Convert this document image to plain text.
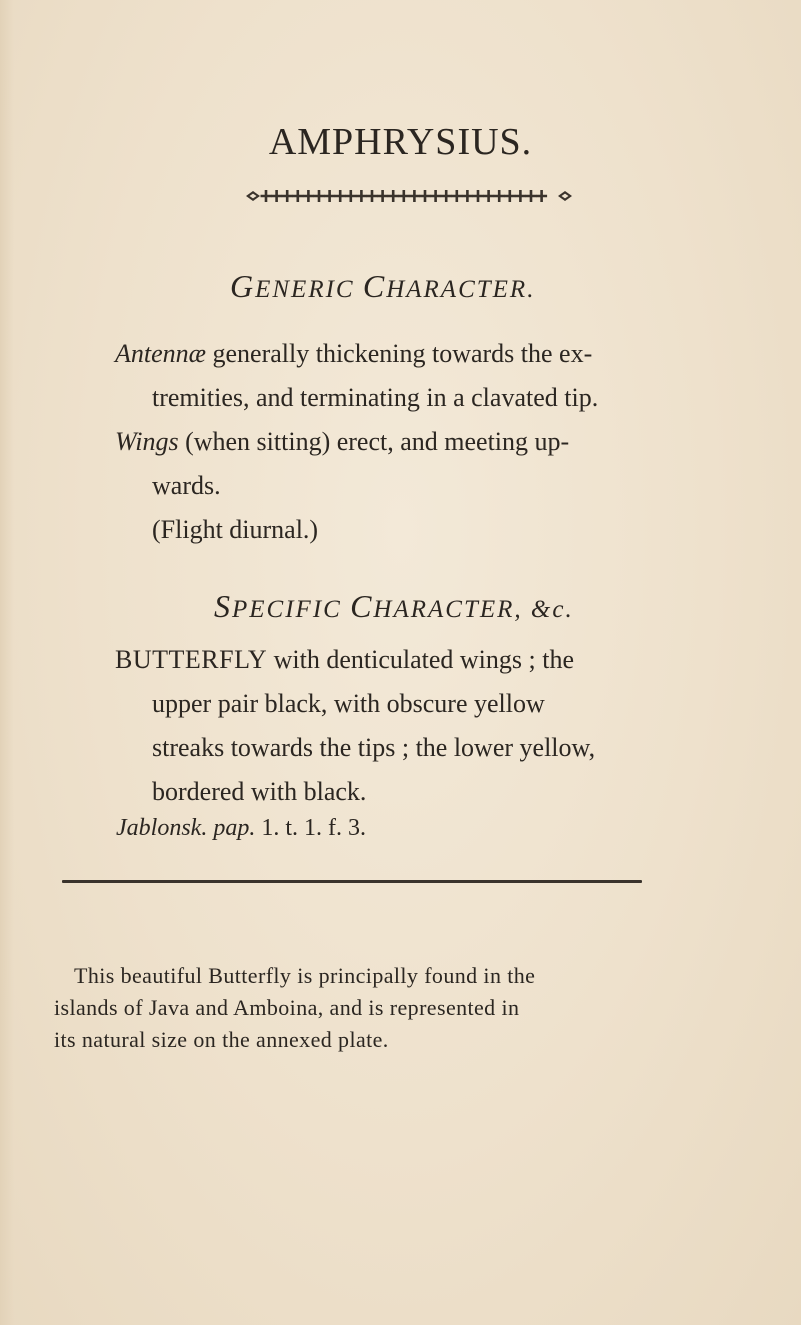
AMPHRYSIUS.
GENERIC CHARACTER.
Antennæ generally thickening towards the ex-
tremities, and terminating in a clavated tip.
Wings (when sitting) erect, and meeting up-
wards.
(Flight diurnal.)
SPECIFIC CHARACTER, &c.
BUTTERFLY with denticulated wings ; the
upper pair black, with obscure yellow
streaks towards the tips ; the lower yellow,
bordered with black.
Jablonsk. pap. 1. t. 1. f. 3.
This beautiful Butterfly is principally found in the
islands of Java and Amboina, and is represented in
its natural size on the annexed plate.
